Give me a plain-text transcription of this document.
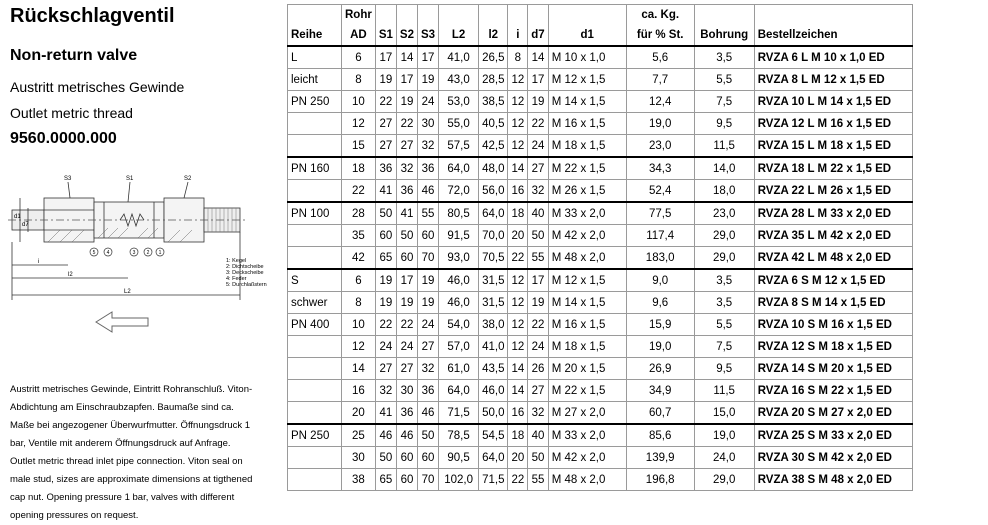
Rückschlagventil
Non-return valve
Austritt metrisches Gewinde
Outlet metric thread
9560.0000.000
S3	S1	S2
d1
d7
i
l2
L2
5 4	3 2 1
1: Kegel
2: Dichtscheibe
3: Deckscheibe
4: Feder
5: Durchlaßstern

Austritt metrisches Gewinde, Eintritt Rohranschluß. Viton-

Abdichtung am Einschraubzapfen. Baumaße sind ca.

Maße bei angezogener Überwurfmutter. Öffnungsdruck 1

bar, Ventile mit anderem Öffnungsdruck auf Anfrage.

Outlet metric thread inlet pipe connection. Viton seal on

male stud, sizes are approximate dimensions at tigthened

cap nut. Opening pressure 1 bar, valves with different

opening pressures on request.

	Rohr									ca. Kg.		
Reihe	AD	S1	S2	S3	L2	l2	i	d7	d1	für % St.	Bohrung	Bestellzeichen
L	6	17	14	17	41,0	26,5	8	14	M 10 x 1,0	5,6	3,5	RVZA 6 L M 10 x 1,0 ED
leicht	8	19	17	19	43,0	28,5	12	17	M 12 x 1,5	7,7	5,5	RVZA 8 L M 12 x 1,5 ED
PN 250	10	22	19	24	53,0	38,5	12	19	M 14 x 1,5	12,4	7,5	RVZA 10 L M 14 x 1,5 ED
	12	27	22	30	55,0	40,5	12	22	M 16 x 1,5	19,0	9,5	RVZA 12 L M 16 x 1,5 ED
	15	27	27	32	57,5	42,5	12	24	M 18 x 1,5	23,0	11,5	RVZA 15 L M 18 x 1,5 ED
PN 160	18	36	32	36	64,0	48,0	14	27	M 22 x 1,5	34,3	14,0	RVZA 18 L M 22 x 1,5 ED
	22	41	36	46	72,0	56,0	16	32	M 26 x 1,5	52,4	18,0	RVZA 22 L M 26 x 1,5 ED
PN 100	28	50	41	55	80,5	64,0	18	40	M 33 x 2,0	77,5	23,0	RVZA 28 L M 33 x 2,0 ED
	35	60	50	60	91,5	70,0	20	50	M 42 x 2,0	117,4	29,0	RVZA 35 L M 42 x 2,0 ED
	42	65	60	70	93,0	70,5	22	55	M 48 x 2,0	183,0	29,0	RVZA 42 L M 48 x 2,0 ED
S	6	19	17	19	46,0	31,5	12	17	M 12 x 1,5	9,0	3,5	RVZA 6 S M 12 x 1,5 ED
schwer	8	19	19	19	46,0	31,5	12	19	M 14 x 1,5	9,6	3,5	RVZA 8 S M 14 x 1,5 ED
PN 400	10	22	22	24	54,0	38,0	12	22	M 16 x 1,5	15,9	5,5	RVZA 10 S M 16 x 1,5 ED
	12	24	24	27	57,0	41,0	12	24	M 18 x 1,5	19,0	7,5	RVZA 12 S M 18 x 1,5 ED
	14	27	27	32	61,0	43,5	14	26	M 20 x 1,5	26,9	9,5	RVZA 14 S M 20 x 1,5 ED
	16	32	30	36	64,0	46,0	14	27	M 22 x 1,5	34,9	11,5	RVZA 16 S M 22 x 1,5 ED
	20	41	36	46	71,5	50,0	16	32	M 27 x 2,0	60,7	15,0	RVZA 20 S M 27 x 2,0 ED
PN 250	25	46	46	50	78,5	54,5	18	40	M 33 x 2,0	85,6	19,0	RVZA 25 S M 33 x 2,0 ED
	30	50	60	60	90,5	64,0	20	50	M 42 x 2,0	139,9	24,0	RVZA 30 S M 42 x 2,0 ED
	38	65	60	70	102,0	71,5	22	55	M 48 x 2,0	196,8	29,0	RVZA 38 S M 48 x 2,0 ED
